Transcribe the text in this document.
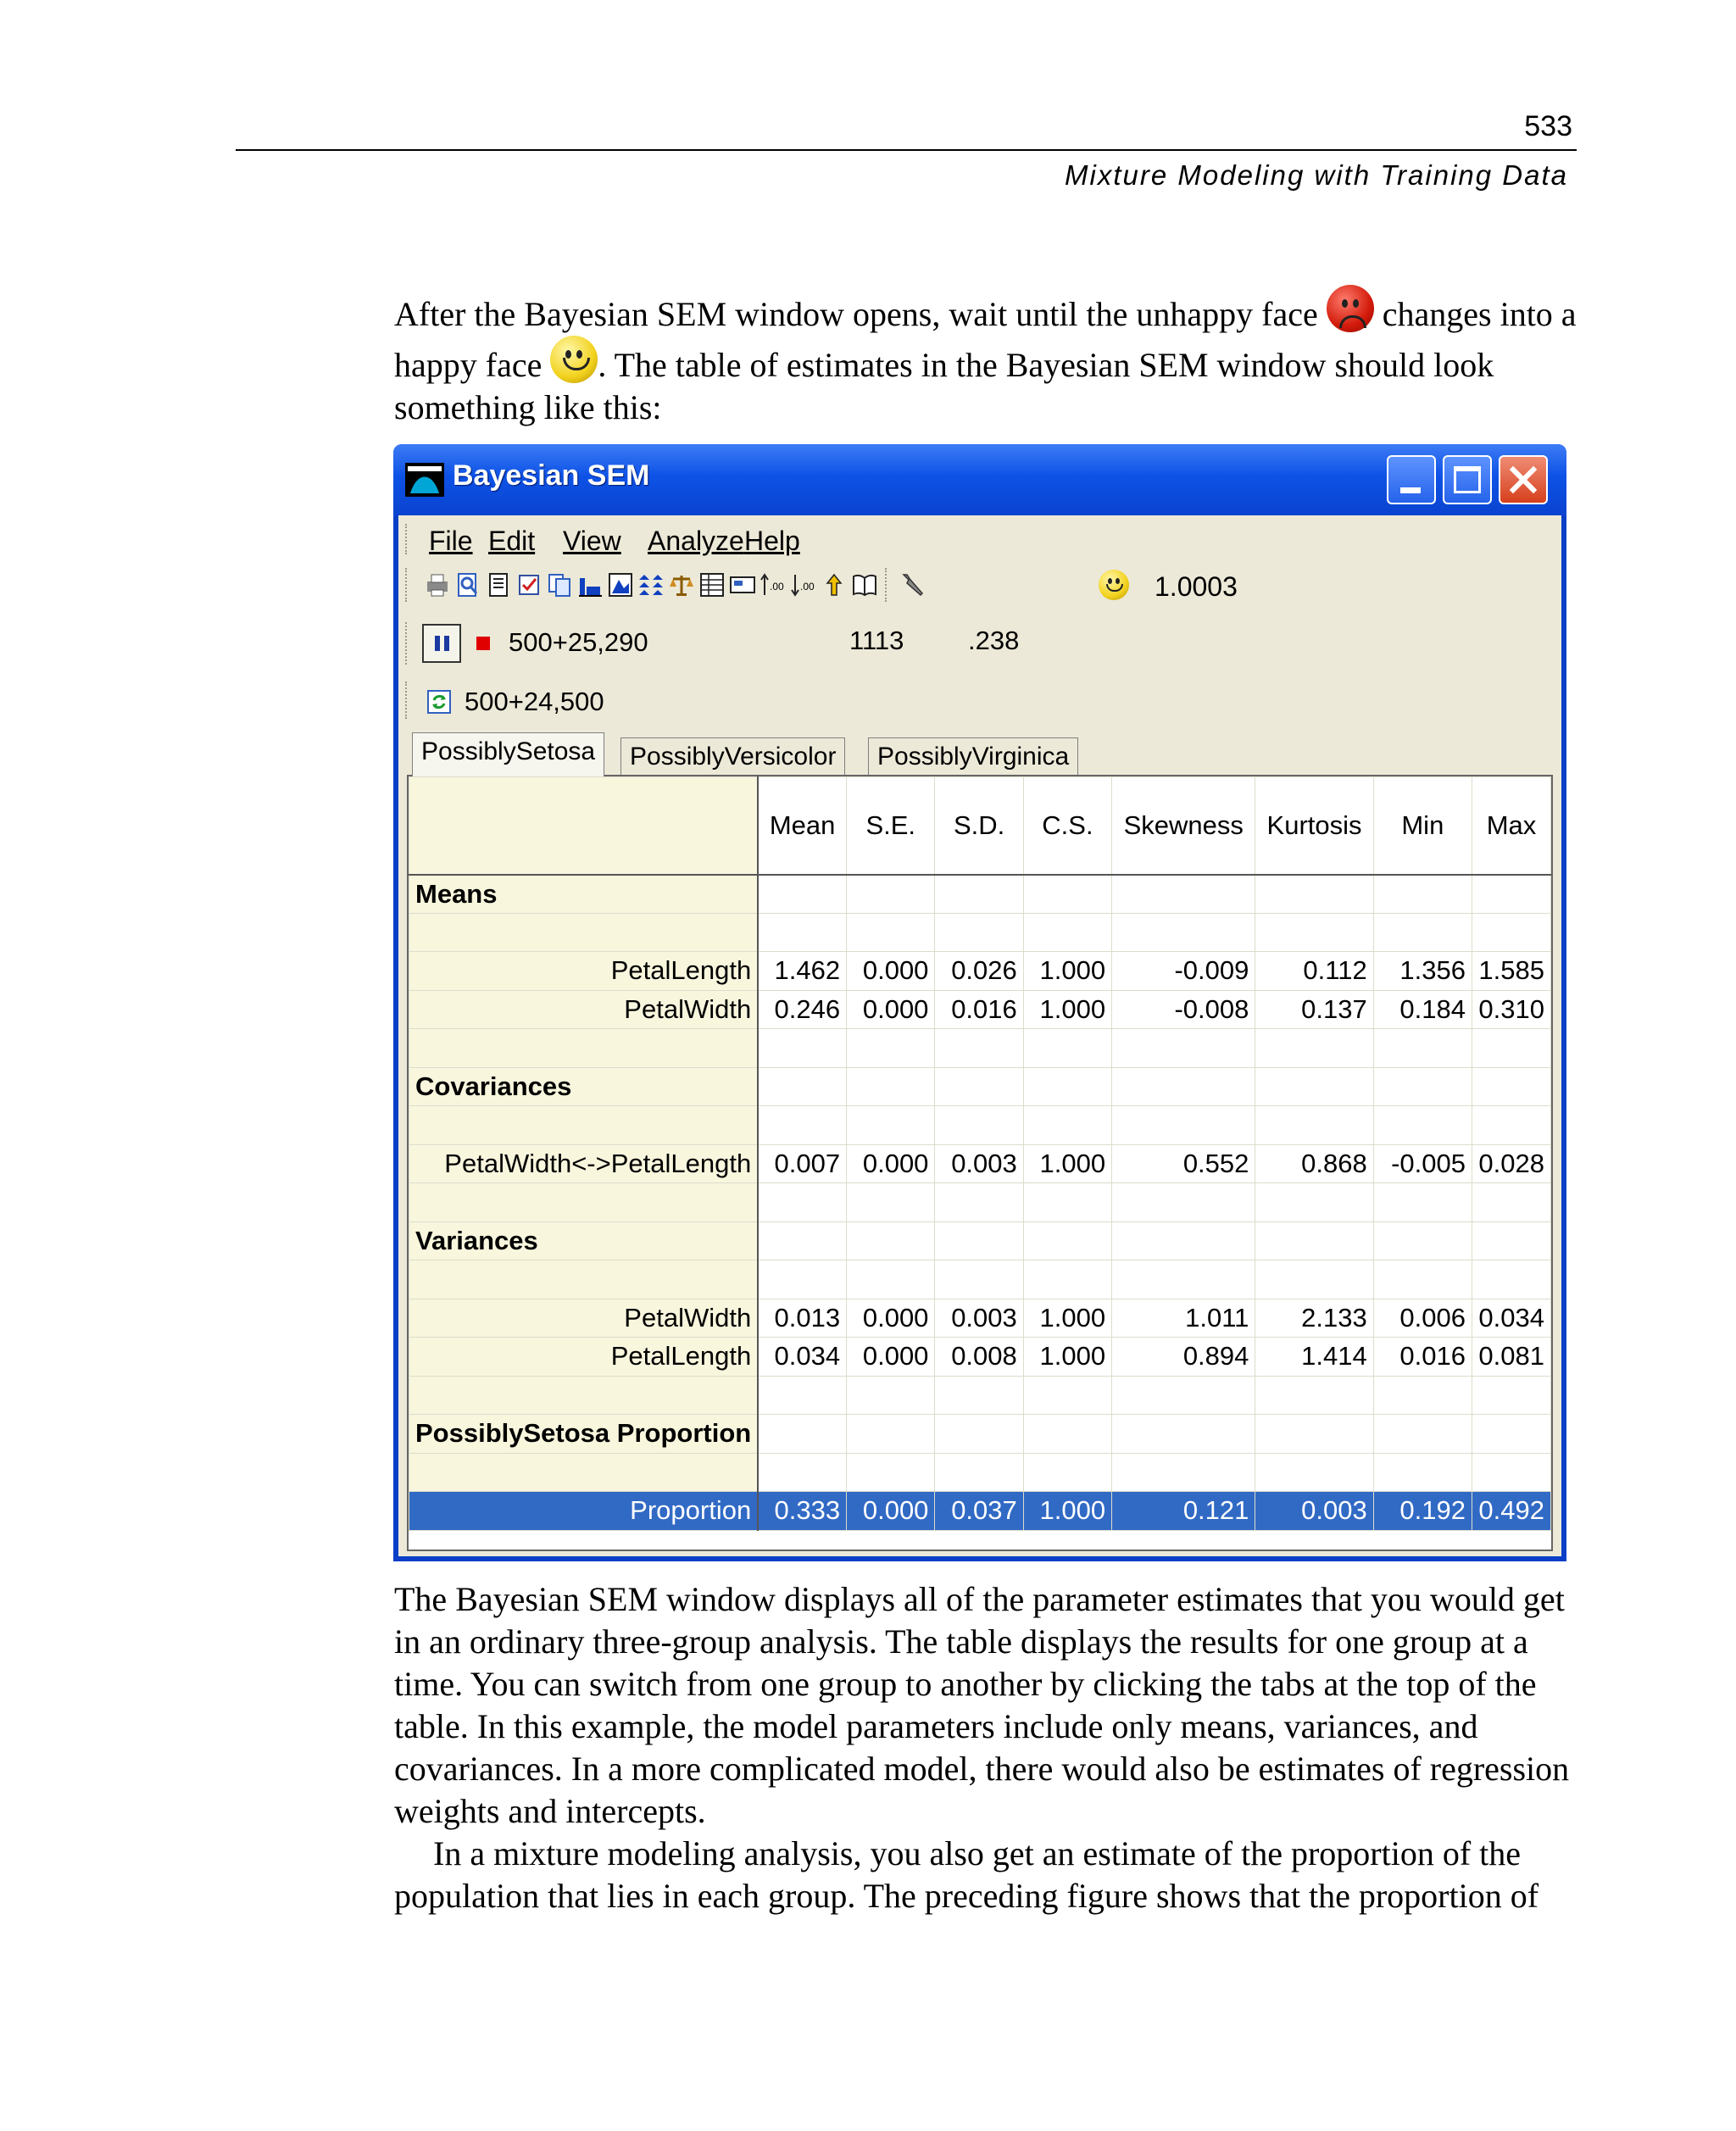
533
Mixture Modeling with Training Data
After the Bayesian SEM window opens, wait until the unhappy face
changes into a happy face
. The table of estimates in the Bayesian SEM window should look something like this:
Bayesian SEM
File Edit View Analyze Help
.00 .00	1.0003
500+25,290	1113 .238
500+24,500
PossiblySetosa	PossiblyVersicolor	PossiblyVirginica
	Mean	S.E.	S.D.	C.S.	Skewness	Kurtosis	Min	Max
Means								

PetalLength	1.462	0.000	0.026	1.000	-0.009	0.112	1.356	1.585
PetalWidth	0.246	0.000	0.016	1.000	-0.008	0.137	0.184	0.310

Covariances								

PetalWidth<->PetalLength	0.007	0.000	0.003	1.000	0.552	0.868	-0.005	0.028

Variances								

PetalWidth	0.013	0.000	0.003	1.000	1.011	2.133	0.006	0.034
PetalLength	0.034	0.000	0.008	1.000	0.894	1.414	0.016	0.081

PossiblySetosa Proportion								

Proportion	0.333	0.000	0.037	1.000	0.121	0.003	0.192	0.492
The Bayesian SEM window displays all of the parameter estimates that you would get in an ordinary three-group analysis. The table displays the results for one group at a time. You can switch from one group to another by clicking the tabs at the top of the table. In this example, the model parameters include only means, variances, and covariances. In a more complicated model, there would also be estimates of regression weights and intercepts.
In a mixture modeling analysis, you also get an estimate of the proportion of the population that lies in each group. The preceding figure shows that the proportion of
